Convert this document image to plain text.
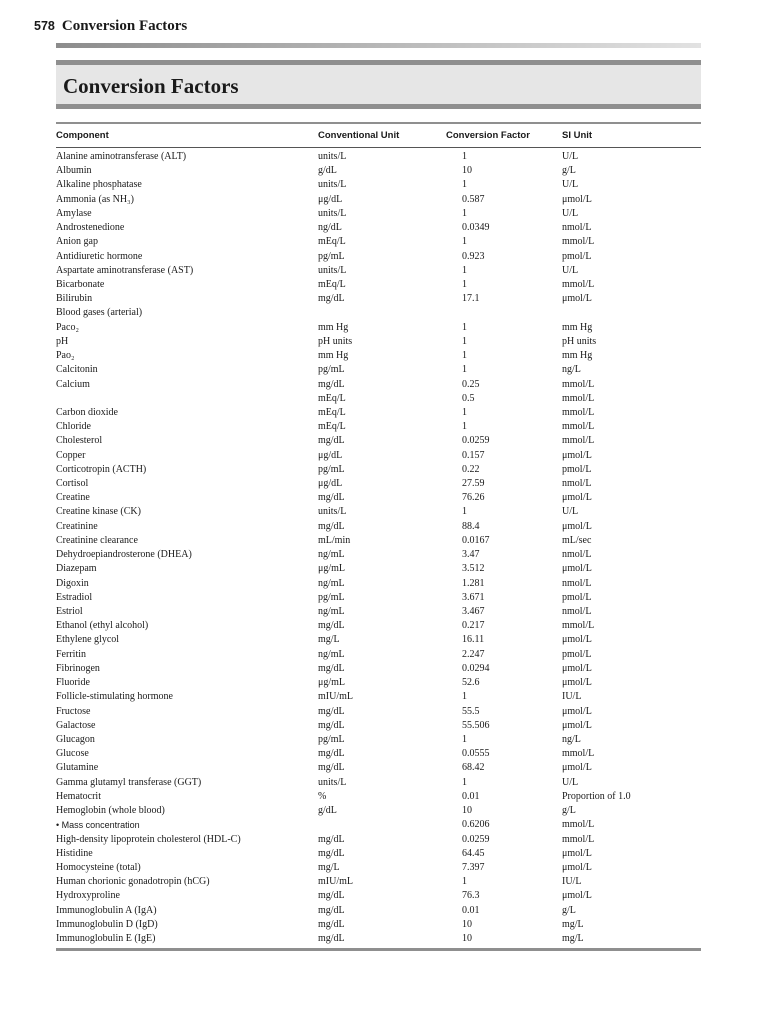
578 Conversion Factors
Conversion Factors
Component	Conventional Unit	Conversion Factor	SI Unit
Alanine aminotransferase (ALT)	units/L	1	U/L
Albumin	g/dL	10	g/L
Alkaline phosphatase	units/L	1	U/L
Ammonia (as NH₃)	μg/dL	0.587	μmol/L
Amylase	units/L	1	U/L
Androstenedione	ng/dL	0.0349	nmol/L
Anion gap	mEq/L	1	mmol/L
Antidiuretic hormone	pg/mL	0.923	pmol/L
Aspartate aminotransferase (AST)	units/L	1	U/L
Bicarbonate	mEq/L	1	mmol/L
Bilirubin	mg/dL	17.1	μmol/L
Blood gases (arterial)			
Paco₂	mm Hg	1	mm Hg
pH	pH units	1	pH units
Pao₂	mm Hg	1	mm Hg
Calcitonin	pg/mL	1	ng/L
Calcium	mg/dL	0.25	mmol/L
	mEq/L	0.5	mmol/L
Carbon dioxide	mEq/L	1	mmol/L
Chloride	mEq/L	1	mmol/L
Cholesterol	mg/dL	0.0259	mmol/L
Copper	μg/dL	0.157	μmol/L
Corticotropin (ACTH)	pg/mL	0.22	pmol/L
Cortisol	μg/dL	27.59	nmol/L
Creatine	mg/dL	76.26	μmol/L
Creatine kinase (CK)	units/L	1	U/L
Creatinine	mg/dL	88.4	μmol/L
Creatinine clearance	mL/min	0.0167	mL/sec
Dehydroepiandrosterone (DHEA)	ng/mL	3.47	nmol/L
Diazepam	μg/mL	3.512	μmol/L
Digoxin	ng/mL	1.281	nmol/L
Estradiol	pg/mL	3.671	pmol/L
Estriol	ng/mL	3.467	nmol/L
Ethanol (ethyl alcohol)	mg/dL	0.217	mmol/L
Ethylene glycol	mg/L	16.11	μmol/L
Ferritin	ng/mL	2.247	pmol/L
Fibrinogen	mg/dL	0.0294	μmol/L
Fluoride	μg/mL	52.6	μmol/L
Follicle-stimulating hormone	mIU/mL	1	IU/L
Fructose	mg/dL	55.5	μmol/L
Galactose	mg/dL	55.506	μmol/L
Glucagon	pg/mL	1	ng/L
Glucose	mg/dL	0.0555	mmol/L
Glutamine	mg/dL	68.42	μmol/L
Gamma glutamyl transferase (GGT)	units/L	1	U/L
Hematocrit	%	0.01	Proportion of 1.0
Hemoglobin (whole blood)	g/dL	10	g/L
• Mass concentration		0.6206	mmol/L
High-density lipoprotein cholesterol (HDL-C)	mg/dL	0.0259	mmol/L
Histidine	mg/dL	64.45	μmol/L
Homocysteine (total)	mg/L	7.397	μmol/L
Human chorionic gonadotropin (hCG)	mIU/mL	1	IU/L
Hydroxyproline	mg/dL	76.3	μmol/L
Immunoglobulin A (IgA)	mg/dL	0.01	g/L
Immunoglobulin D (IgD)	mg/dL	10	mg/L
Immunoglobulin E (IgE)	mg/dL	10	mg/L
